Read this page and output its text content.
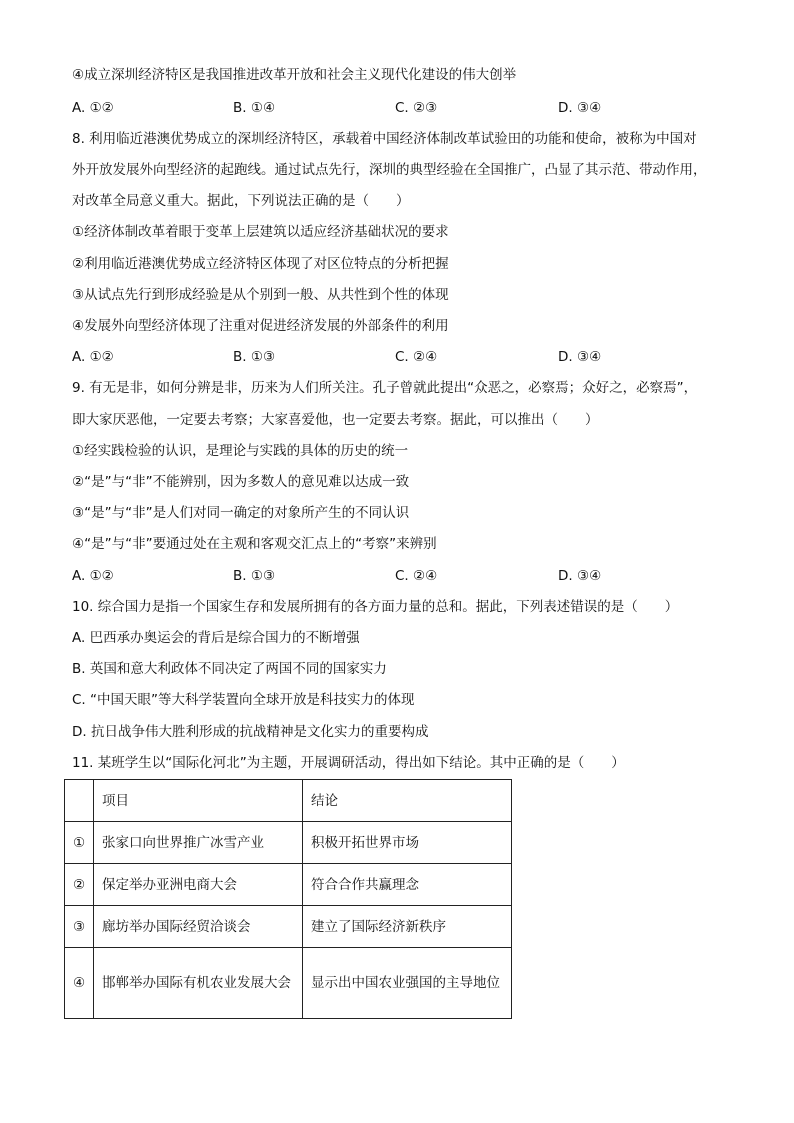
④成立深圳经济特区是我国推进改革开放和社会主义现代化建设的伟大创举
A. ①②	B. ①④	C. ②③	D. ③④
8. 利用临近港澳优势成立的深圳经济特区，承载着中国经济体制改革试验田的功能和使命，被称为中国对
外开放发展外向型经济的起跑线。通过试点先行，深圳的典型经验在全国推广，凸显了其示范、带动作用，
对改革全局意义重大。据此，下列说法正确的是（　　）
①经济体制改革着眼于变革上层建筑以适应经济基础状况的要求
②利用临近港澳优势成立经济特区体现了对区位特点的分析把握
③从试点先行到形成经验是从个别到一般、从共性到个性的体现
④发展外向型经济体现了注重对促进经济发展的外部条件的利用
A. ①②	B. ①③	C. ②④	D. ③④
9. 有无是非，如何分辨是非，历来为人们所关注。孔子曾就此提出“众恶之，必察焉；众好之，必察焉”，
即大家厌恶他，一定要去考察；大家喜爱他，也一定要去考察。据此，可以推出（　　）
①经实践检验的认识，是理论与实践的具体的历史的统一
②“是”与“非”不能辨别，因为多数人的意见难以达成一致
③“是”与“非”是人们对同一确定的对象所产生的不同认识
④“是”与“非”要通过处在主观和客观交汇点上的“考察”来辨别
A. ①②	B. ①③	C. ②④	D. ③④
10. 综合国力是指一个国家生存和发展所拥有的各方面力量的总和。据此，下列表述错误的是（　　）
A. 巴西承办奥运会的背后是综合国力的不断增强
B. 英国和意大利政体不同决定了两国不同的国家实力
C. “中国天眼”等大科学装置向全球开放是科技实力的体现
D. 抗日战争伟大胜利形成的抗战精神是文化实力的重要构成
11. 某班学生以“国际化河北”为主题，开展调研活动，得出如下结论。其中正确的是（　　）
	项目	结论
①	张家口向世界推广冰雪产业	积极开拓世界市场
②	保定举办亚洲电商大会	符合合作共赢理念
③	廊坊举办国际经贸洽谈会	建立了国际经济新秩序
④	邯郸举办国际有机农业发展大会	显示出中国农业强国的主导地位
